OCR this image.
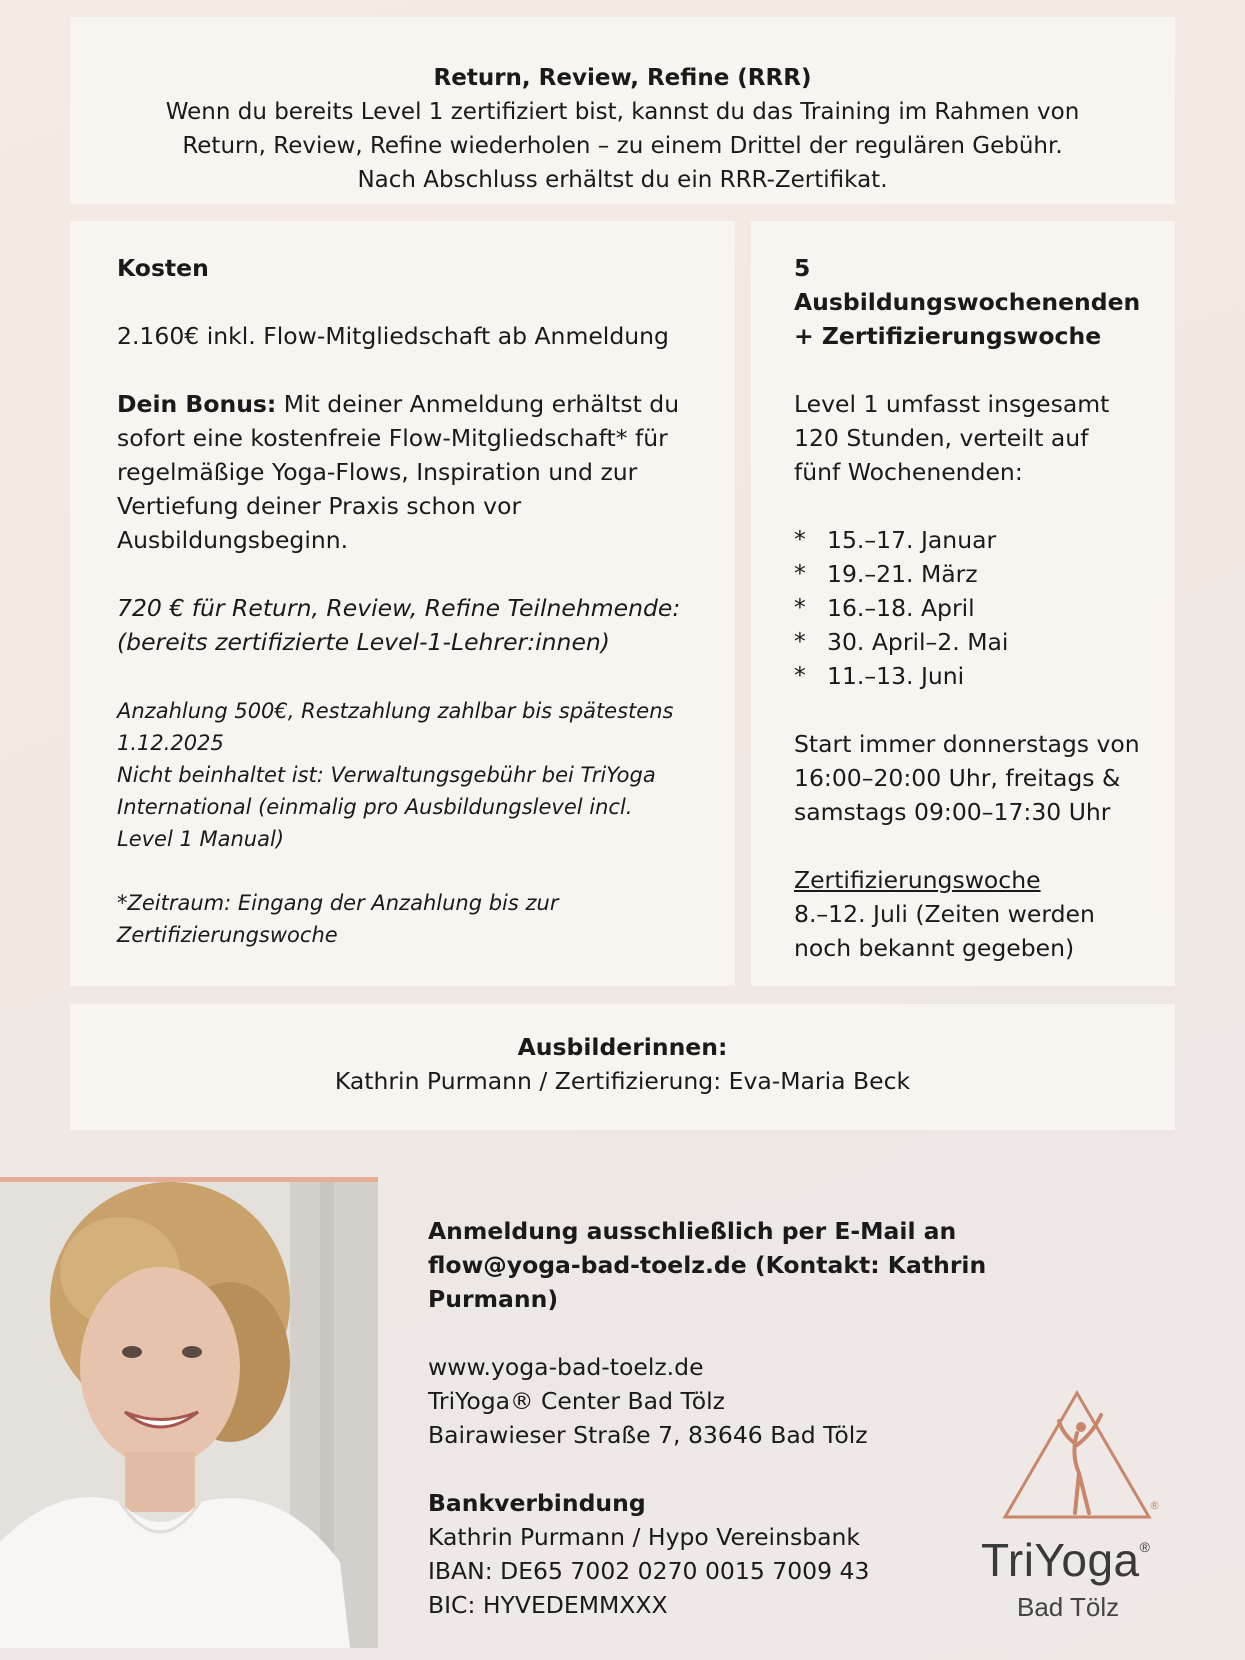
Return, Review, Refine (RRR)

Wenn du bereits Level 1 zertifiziert bist, kannst du das Training im Rahmen von

Return, Review, Refine wiederholen – zu einem Drittel der regulären Gebühr.

Nach Abschluss erhältst du ein RRR-Zertifikat.

Kosten

2.160€ inkl. Flow-Mitgliedschaft ab Anmeldung

Dein Bonus: Mit deiner Anmeldung erhältst du sofort eine kostenfreie Flow-Mitgliedschaft* für regelmäßige Yoga-Flows, Inspiration und zur Vertiefung deiner Praxis schon vor Ausbildungsbeginn.

720 € für Return, Review, Refine Teilnehmende:

(bereits zertifizierte Level-1-Lehrer:innen)

Anzahlung 500€, Restzahlung zahlbar bis spätestens 1.12.2025

Nicht beinhaltet ist: Verwaltungsgebühr bei TriYoga International (einmalig pro Ausbildungslevel incl. Level 1 Manual)

*Zeitraum: Eingang der Anzahlung bis zur Zertifizierungswoche

5 Ausbildungswochenenden

+ Zertifizierungswoche

Level 1 umfasst insgesamt 120 Stunden, verteilt auf fünf Wochenenden:

* 15.–17. Januar
* 19.–21. März
* 16.–18. April
* 30. April–2. Mai
* 11.–13. Juni

Start immer donnerstags von 16:00–20:00 Uhr, freitags & samstags 09:00–17:30 Uhr

Zertifizierungswoche

8.–12. Juli (Zeiten werden noch bekannt gegeben)

Ausbilderinnen:

Kathrin Purmann / Zertifizierung: Eva-Maria Beck

Anmeldung ausschließlich per E-Mail an

flow@yoga-bad-toelz.de (Kontakt: Kathrin Purmann)

www.yoga-bad-toelz.de

TriYoga® Center Bad Tölz

Bairawieser Straße 7, 83646 Bad Tölz

Bankverbindung

Kathrin Purmann / Hypo Vereinsbank

IBAN: DE65 7002 0270 0015 7009 43

BIC: HYVEDEMMXXX

®
TriYoga®
Bad Tölz
